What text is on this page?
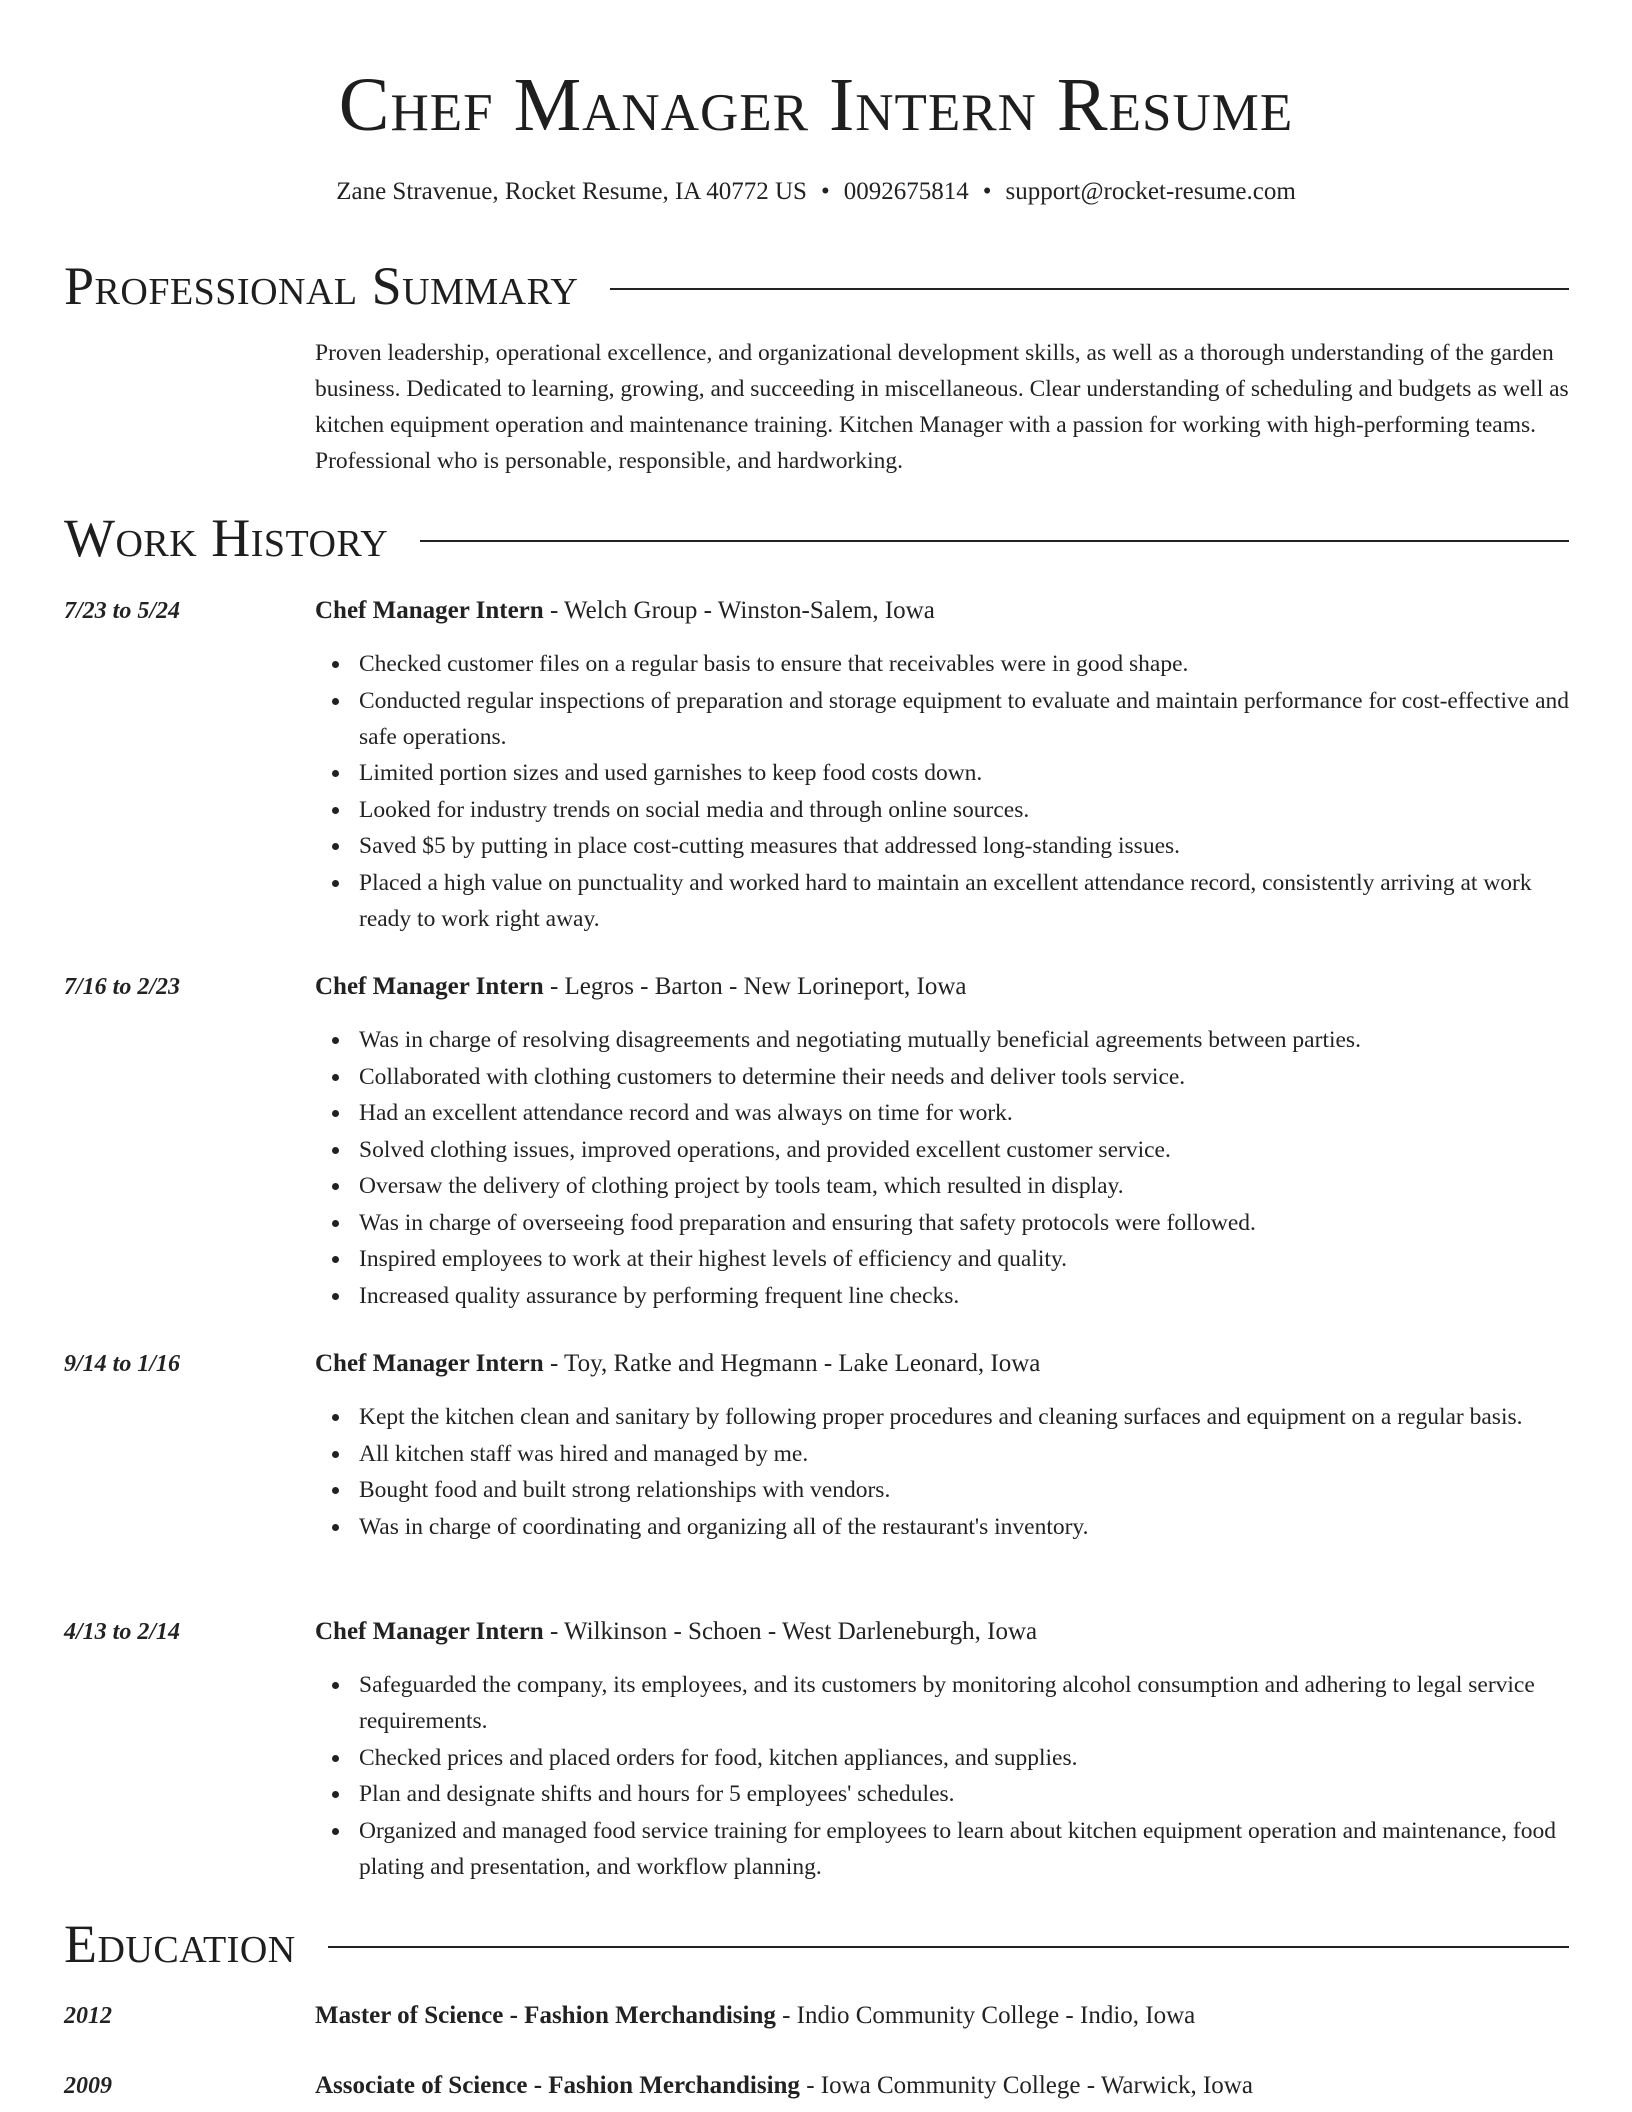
Chef Manager Intern Resume
Zane Stravenue, Rocket Resume, IA 40772 US • 0092675814 • support@rocket-resume.com
Professional Summary
Proven leadership, operational excellence, and organizational development skills, as well as a thorough understanding of the garden business. Dedicated to learning, growing, and succeeding in miscellaneous. Clear understanding of scheduling and budgets as well as kitchen equipment operation and maintenance training. Kitchen Manager with a passion for working with high-performing teams. Professional who is personable, responsible, and hardworking.
Work History
7/23 to 5/24	Chef Manager Intern - Welch Group - Winston-Salem, Iowa
Checked customer files on a regular basis to ensure that receivables were in good shape.
Conducted regular inspections of preparation and storage equipment to evaluate and maintain performance for cost-effective and safe operations.
Limited portion sizes and used garnishes to keep food costs down.
Looked for industry trends on social media and through online sources.
Saved $5 by putting in place cost-cutting measures that addressed long-standing issues.
Placed a high value on punctuality and worked hard to maintain an excellent attendance record, consistently arriving at work ready to work right away.
7/16 to 2/23	Chef Manager Intern - Legros - Barton - New Lorineport, Iowa
Was in charge of resolving disagreements and negotiating mutually beneficial agreements between parties.
Collaborated with clothing customers to determine their needs and deliver tools service.
Had an excellent attendance record and was always on time for work.
Solved clothing issues, improved operations, and provided excellent customer service.
Oversaw the delivery of clothing project by tools team, which resulted in display.
Was in charge of overseeing food preparation and ensuring that safety protocols were followed.
Inspired employees to work at their highest levels of efficiency and quality.
Increased quality assurance by performing frequent line checks.
9/14 to 1/16	Chef Manager Intern - Toy, Ratke and Hegmann - Lake Leonard, Iowa
Kept the kitchen clean and sanitary by following proper procedures and cleaning surfaces and equipment on a regular basis.
All kitchen staff was hired and managed by me.
Bought food and built strong relationships with vendors.
Was in charge of coordinating and organizing all of the restaurant's inventory.
4/13 to 2/14	Chef Manager Intern - Wilkinson - Schoen - West Darleneburgh, Iowa
Safeguarded the company, its employees, and its customers by monitoring alcohol consumption and adhering to legal service requirements.
Checked prices and placed orders for food, kitchen appliances, and supplies.
Plan and designate shifts and hours for 5 employees' schedules.
Organized and managed food service training for employees to learn about kitchen equipment operation and maintenance, food plating and presentation, and workflow planning.
Education
2012	Master of Science - Fashion Merchandising - Indio Community College - Indio, Iowa
2009	Associate of Science - Fashion Merchandising - Iowa Community College - Warwick, Iowa
